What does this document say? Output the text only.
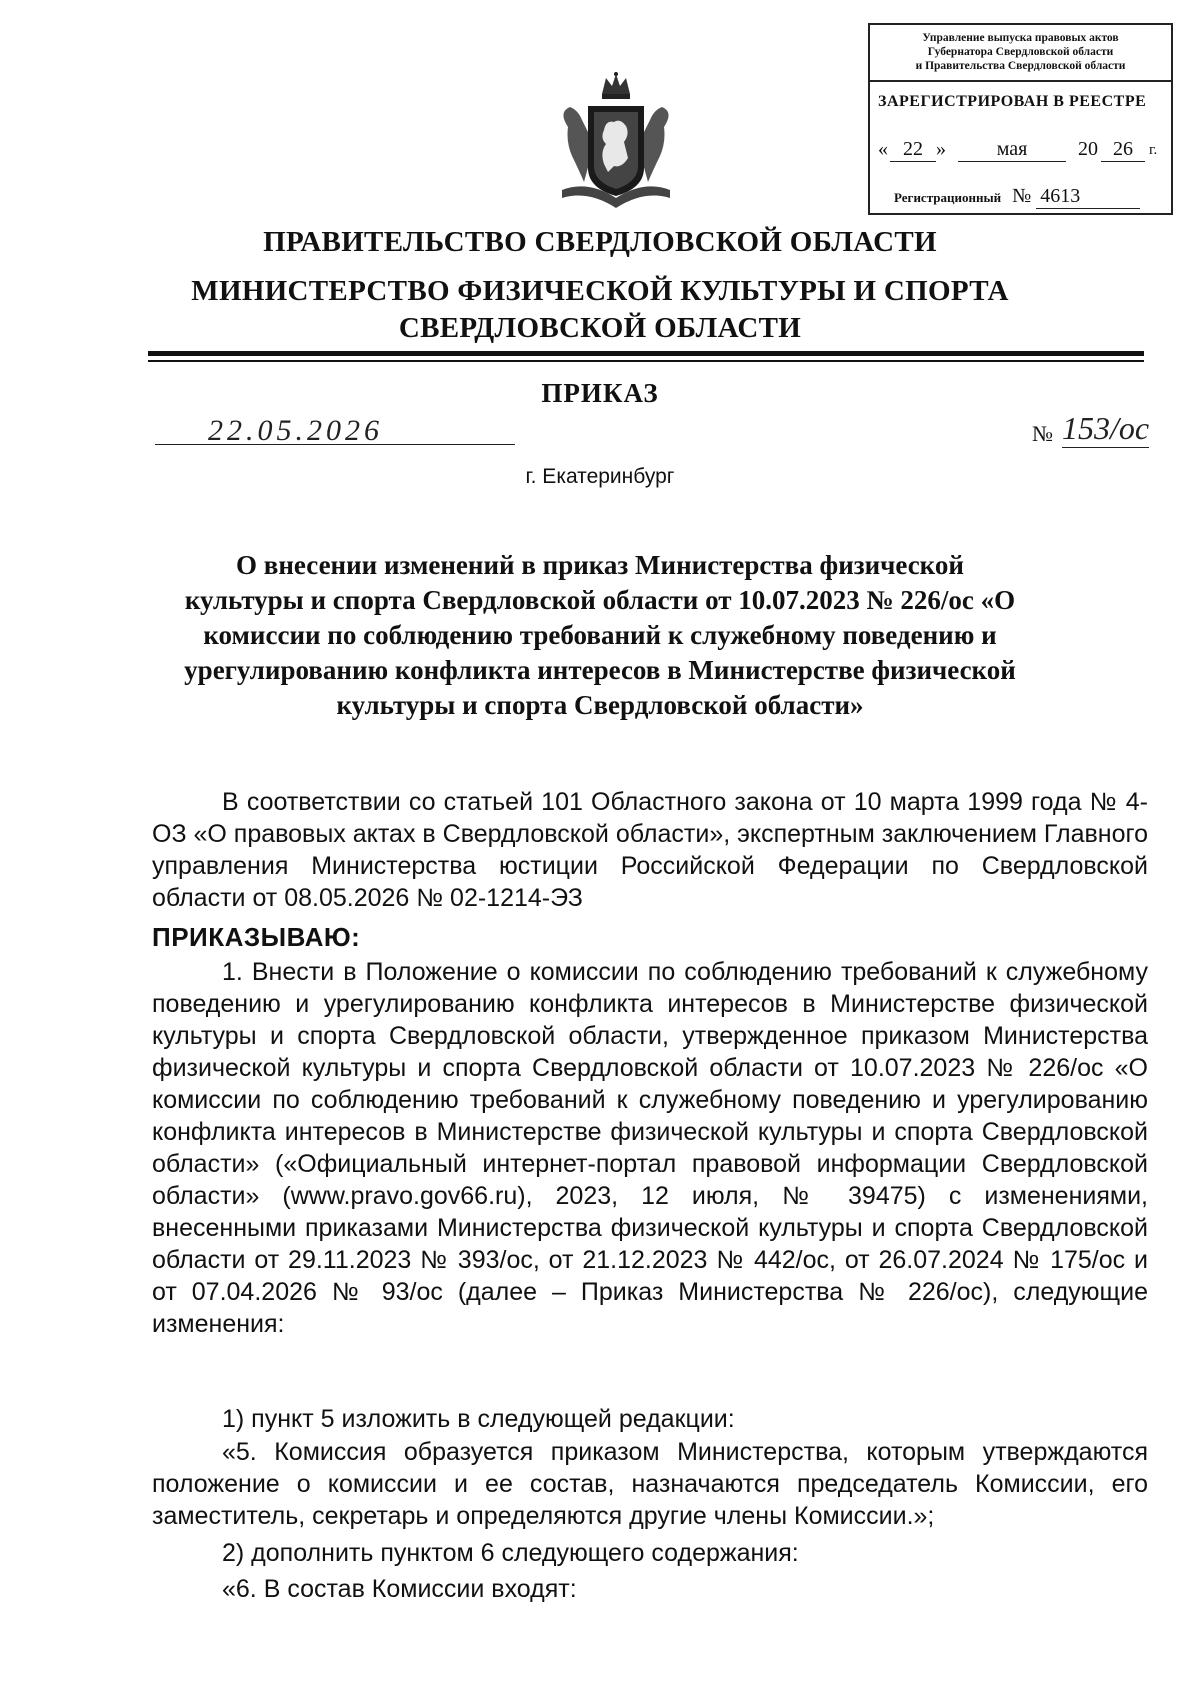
Управление выпуска правовых актов
Губернатора Свердловской области
и Правительства Свердловской области
ЗАРЕГИСТРИРОВАН В РЕЕСТРЕ
« 22 »	мая	20 26	г.
Регистрационный № 4613
ПРАВИТЕЛЬСТВО СВЕРДЛОВСКОЙ ОБЛАСТИ
МИНИСТЕРСТВО ФИЗИЧЕСКОЙ КУЛЬТУРЫ И СПОРТА
СВЕРДЛОВСКОЙ ОБЛАСТИ
ПРИКАЗ
22.05.2026	№ 153/ос
г. Екатеринбург
О внесении изменений в приказ Министерства физической культуры и спорта Свердловской области от 10.07.2023 № 226/ос «О комиссии по соблюдению требований к служебному поведению и урегулированию конфликта интересов в Министерстве физической культуры и спорта Свердловской области»
В соответствии со статьей 101 Областного закона от 10 марта 1999 года № 4-ОЗ «О правовых актах в Свердловской области», экспертным заключением Главного управления Министерства юстиции Российской Федерации по Свердловской области от 08.05.2026 № 02-1214-ЭЗ
ПРИКАЗЫВАЮ:
1. Внести в Положение о комиссии по соблюдению требований к служебному поведению и урегулированию конфликта интересов в Министерстве физической культуры и спорта Свердловской области, утвержденное приказом Министерства физической культуры и спорта Свердловской области от 10.07.2023 № 226/ос «О комиссии по соблюдению требований к служебному поведению и урегулированию конфликта интересов в Министерстве физической культуры и спорта Свердловской области» («Официальный интернет-портал правовой информации Свердловской области» (www.pravo.gov66.ru), 2023, 12 июля, № 39475) с изменениями, внесенными приказами Министерства физической культуры и спорта Свердловской области от 29.11.2023 № 393/ос, от 21.12.2023 № 442/ос, от 26.07.2024 № 175/ос и от 07.04.2026 № 93/ос (далее – Приказ Министерства № 226/ос), следующие изменения:
1) пункт 5 изложить в следующей редакции:
«5. Комиссия образуется приказом Министерства, которым утверждаются положение о комиссии и ее состав, назначаются председатель Комиссии, его заместитель, секретарь и определяются другие члены Комиссии.»;
2) дополнить пунктом 6 следующего содержания:
«6. В состав Комиссии входят:
